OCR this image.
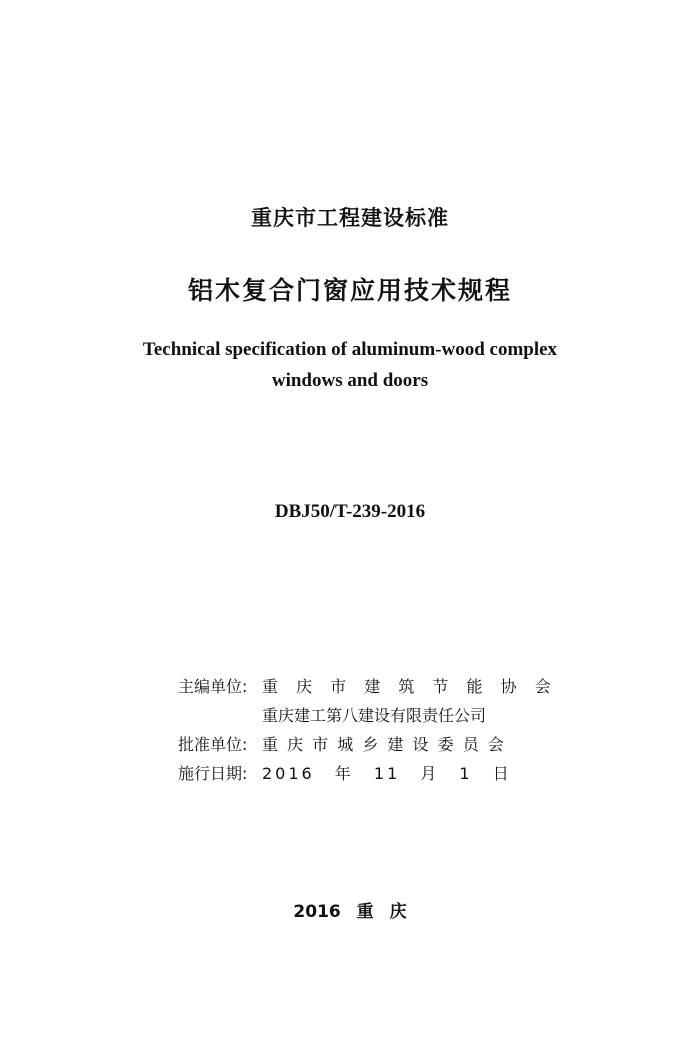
重庆市工程建设标准
铝木复合门窗应用技术规程
Technical specification of aluminum-wood complex
windows and doors
DBJ50/T-239-2016
主编单位: 重 庆 市 建 筑 节 能 协 会
重庆建工第八建设有限责任公司
批准单位: 重 庆 市 城 乡 建 设 委 员 会
施行日期: 2016 年 11 月 1 日
2016 重 庆
